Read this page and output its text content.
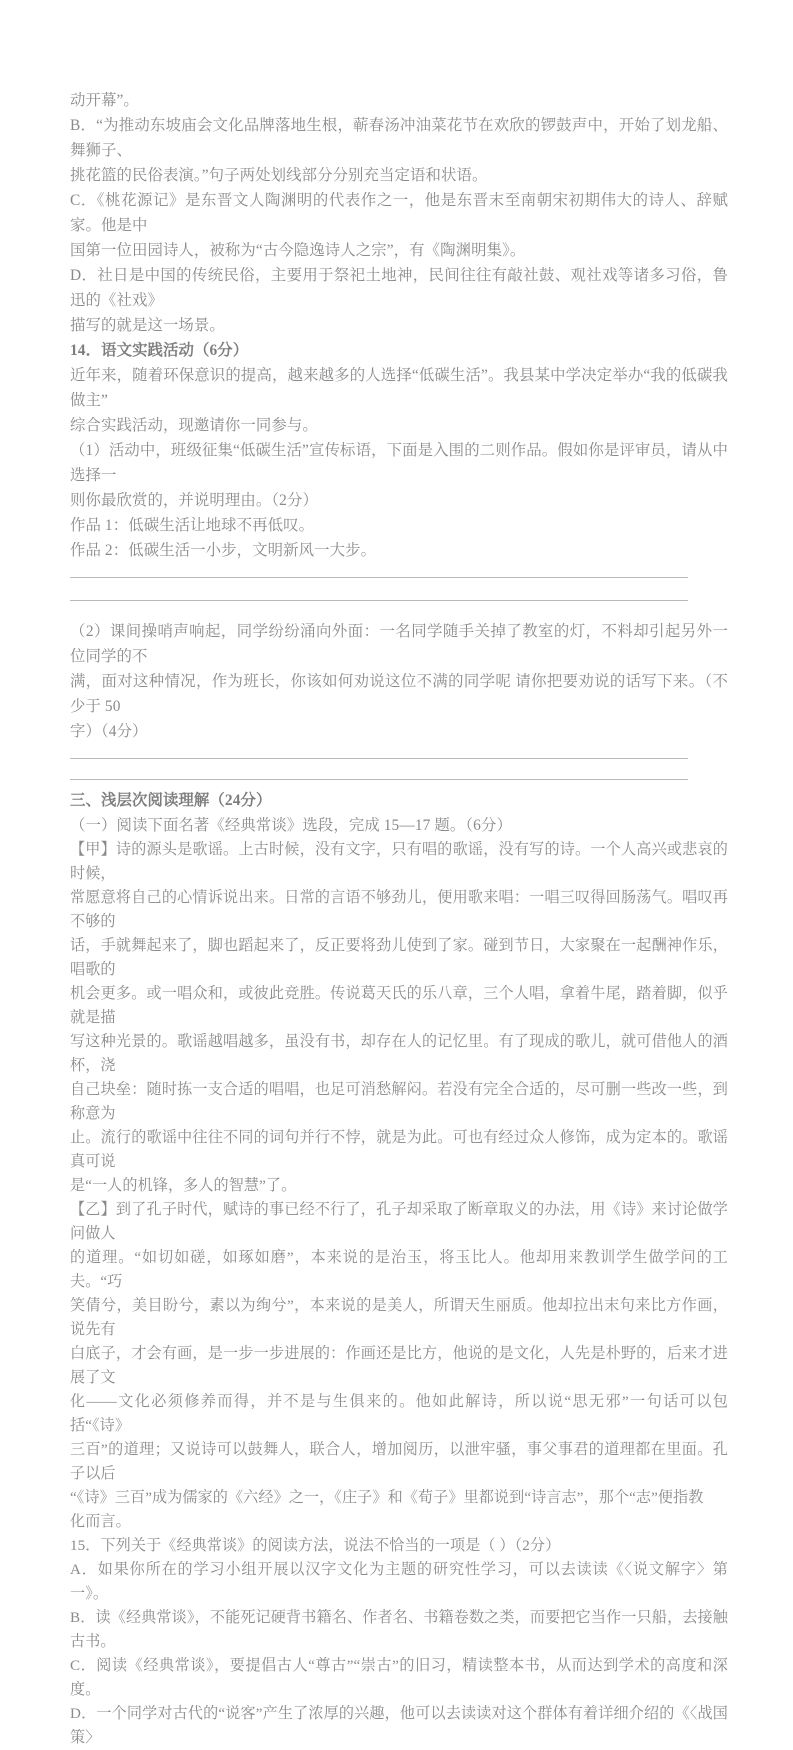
动开幕”。

B．“为推动东坡庙会文化品牌落地生根，蕲春汤冲油菜花节在欢欣的锣鼓声中，开始了划龙船、舞狮子、

挑花篮的民俗表演。”句子两处划线部分分别充当定语和状语。

C．《桃花源记》是东晋文人陶渊明的代表作之一，他是东晋末至南朝宋初期伟大的诗人、辞赋家。他是中

国第一位田园诗人，被称为“古今隐逸诗人之宗”，有《陶渊明集》。

D．社日是中国的传统民俗，主要用于祭祀土地神，民间往往有敲社鼓、观社戏等诸多习俗，鲁迅的《社戏》

描写的就是这一场景。

14．语文实践活动（6分）

近年来，随着环保意识的提高，越来越多的人选择“低碳生活”。我县某中学决定举办“我的低碳我做主”

综合实践活动，现邀请你一同参与。

（1）活动中，班级征集“低碳生活”宣传标语，下面是入围的二则作品。假如你是评审员，请从中选择一

则你最欣赏的，并说明理由。（2分）

作品 1：低碳生活让地球不再低叹。

作品 2：低碳生活一小步，文明新风一大步。

（2）课间操哨声响起，同学纷纷涌向外面：一名同学随手关掉了教室的灯，不料却引起另外一位同学的不

满，面对这种情况，作为班长，你该如何劝说这位不满的同学呢 请你把要劝说的话写下来。（不少于 50

字）（4分）

三、浅层次阅读理解（24分）

（一）阅读下面名著《经典常谈》选段，完成 15—17 题。（6分）

【甲】诗的源头是歌谣。上古时候，没有文字，只有唱的歌谣，没有写的诗。一个人高兴或悲哀的时候，

常愿意将自己的心情诉说出来。日常的言语不够劲儿，便用歌来唱：一唱三叹得回肠荡气。唱叹再不够的

话，手就舞起来了，脚也蹈起来了，反正要将劲儿使到了家。碰到节日，大家聚在一起酬神作乐，唱歌的

机会更多。或一唱众和，或彼此竞胜。传说葛天氏的乐八章，三个人唱，拿着牛尾，踏着脚，似乎就是描

写这种光景的。歌谣越唱越多，虽没有书，却存在人的记忆里。有了现成的歌儿，就可借他人的酒杯，浇

自己块垒：随时拣一支合适的唱唱，也足可消愁解闷。若没有完全合适的，尽可删一些改一些，到称意为

止。流行的歌谣中往往不同的词句并行不悖，就是为此。可也有经过众人修饰，成为定本的。歌谣真可说

是“一人的机锋，多人的智慧”了。

【乙】到了孔子时代，赋诗的事已经不行了，孔子却采取了断章取义的办法，用《诗》来讨论做学问做人

的道理。“如切如磋，如琢如磨”，本来说的是治玉，将玉比人。他却用来教训学生做学问的工夫。“巧

笑倩兮，美目盼兮，素以为绚兮”，本来说的是美人，所谓天生丽质。他却拉出末句来比方作画，说先有

白底子，才会有画，是一步一步进展的：作画还是比方，他说的是文化，人先是朴野的，后来才进展了文

化——文化必须修养而得，并不是与生俱来的。他如此解诗，所以说“思无邪”一句话可以包括“《诗》

三百”的道理；又说诗可以鼓舞人，联合人，增加阅历，以泄牢骚，事父事君的道理都在里面。孔子以后

“《诗》三百”成为儒家的《六经》之一，《庄子》和《荀子》里都说到“诗言志”，那个“志”便指教

化而言。

15．下列关于《经典常谈》的阅读方法，说法不恰当的一项是（ ）（2分）

A．如果你所在的学习小组开展以汉字文化为主题的研究性学习，可以去读读《〈说文解字〉第一》。

B．读《经典常谈》，不能死记硬背书籍名、作者名、书籍卷数之类，而要把它当作一只船，去接触古书。

C．阅读《经典常谈》，要提倡古人“尊古”“崇古”的旧习，精读整本书，从而达到学术的高度和深度。

D．一个同学对古代的“说客”产生了浓厚的兴趣，他可以去读读对这个群体有着详细介绍的《〈战国策〉
